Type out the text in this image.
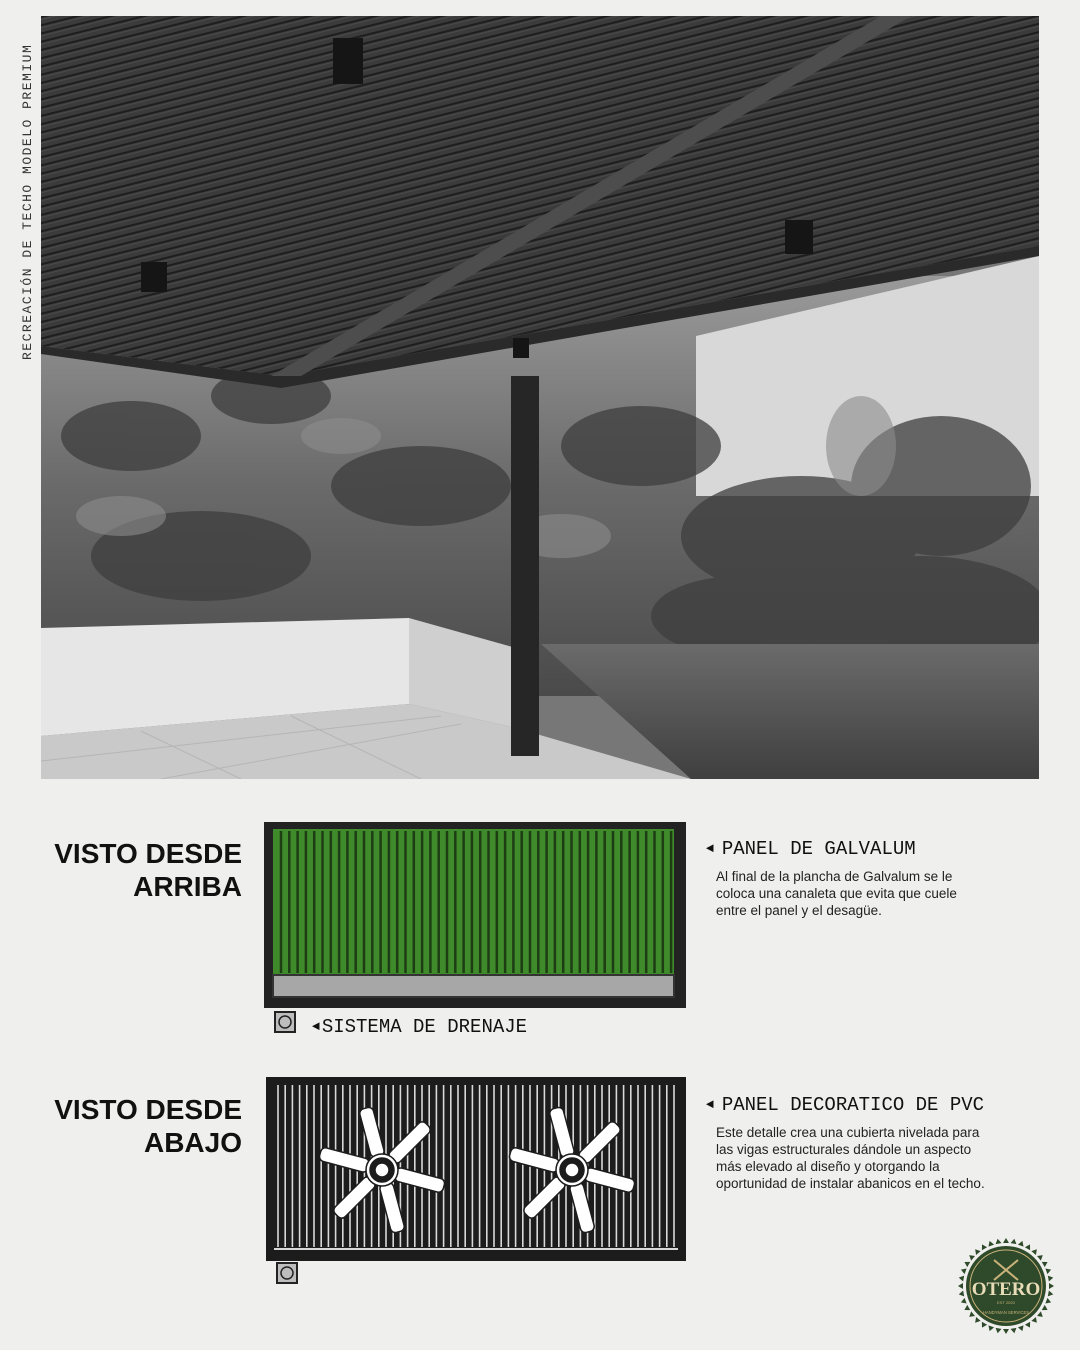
RECREACIÓN DE TECHO MODELO PREMIUM
VISTO DESDE
ARRIBA
◄ SISTEMA DE DRENAJE
◄ PANEL DE GALVALUM
Al final de la plancha de Galvalum se le coloca una canaleta que evita que cuele entre el panel y el desagüe.
VISTO DESDE
ABAJO
◄ PANEL DECORATICO DE PVC
Este detalle crea una cubierta nivelada para las vigas estructurales dándole un aspecto más elevado al diseño y otorgando la oportunidad de instalar abanicos en el techo.
OTERO
EST 2020
HANDYMAN SERVICES
